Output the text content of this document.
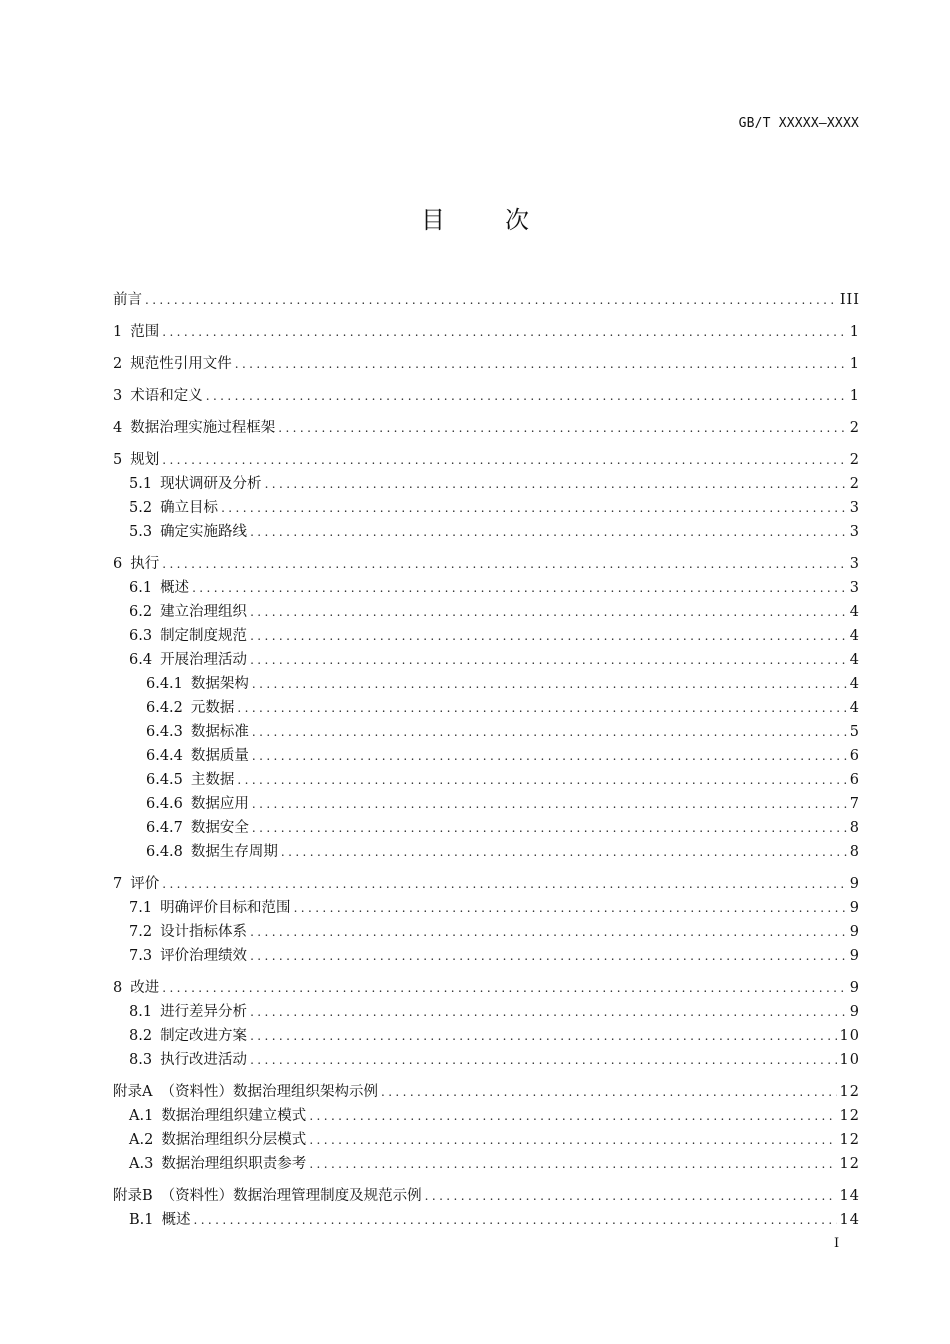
GB/T XXXXX—XXXX
目次
前言 .....	III
1 范围 .....	1
2 规范性引用文件 .....	1
3 术语和定义 .....	1
4 数据治理实施过程框架 .....	2
5 规划 .....	2
5.1 现状调研及分析 .....	2
5.2 确立目标 .....	3
5.3 确定实施路线 .....	3
6 执行 .....	3
6.1 概述 .....	3
6.2 建立治理组织 .....	4
6.3 制定制度规范 .....	4
6.4 开展治理活动 .....	4
6.4.1 数据架构 .....	4
6.4.2 元数据 .....	4
6.4.3 数据标准 .....	5
6.4.4 数据质量 .....	6
6.4.5 主数据 .....	6
6.4.6 数据应用 .....	7
6.4.7 数据安全 .....	8
6.4.8 数据生存周期 .....	8
7 评价 .....	9
7.1 明确评价目标和范围 .....	9
7.2 设计指标体系 .....	9
7.3 评价治理绩效 .....	9
8 改进 .....	9
8.1 进行差异分析 .....	9
8.2 制定改进方案 .....	10
8.3 执行改进活动 .....	10
附录A （资料性）数据治理组织架构示例 .....	12
A.1 数据治理组织建立模式 .....	12
A.2 数据治理组织分层模式 .....	12
A.3 数据治理组织职责参考 .....	12
附录B （资料性）数据治理管理制度及规范示例 .....	14
B.1 概述 .....	14
I
